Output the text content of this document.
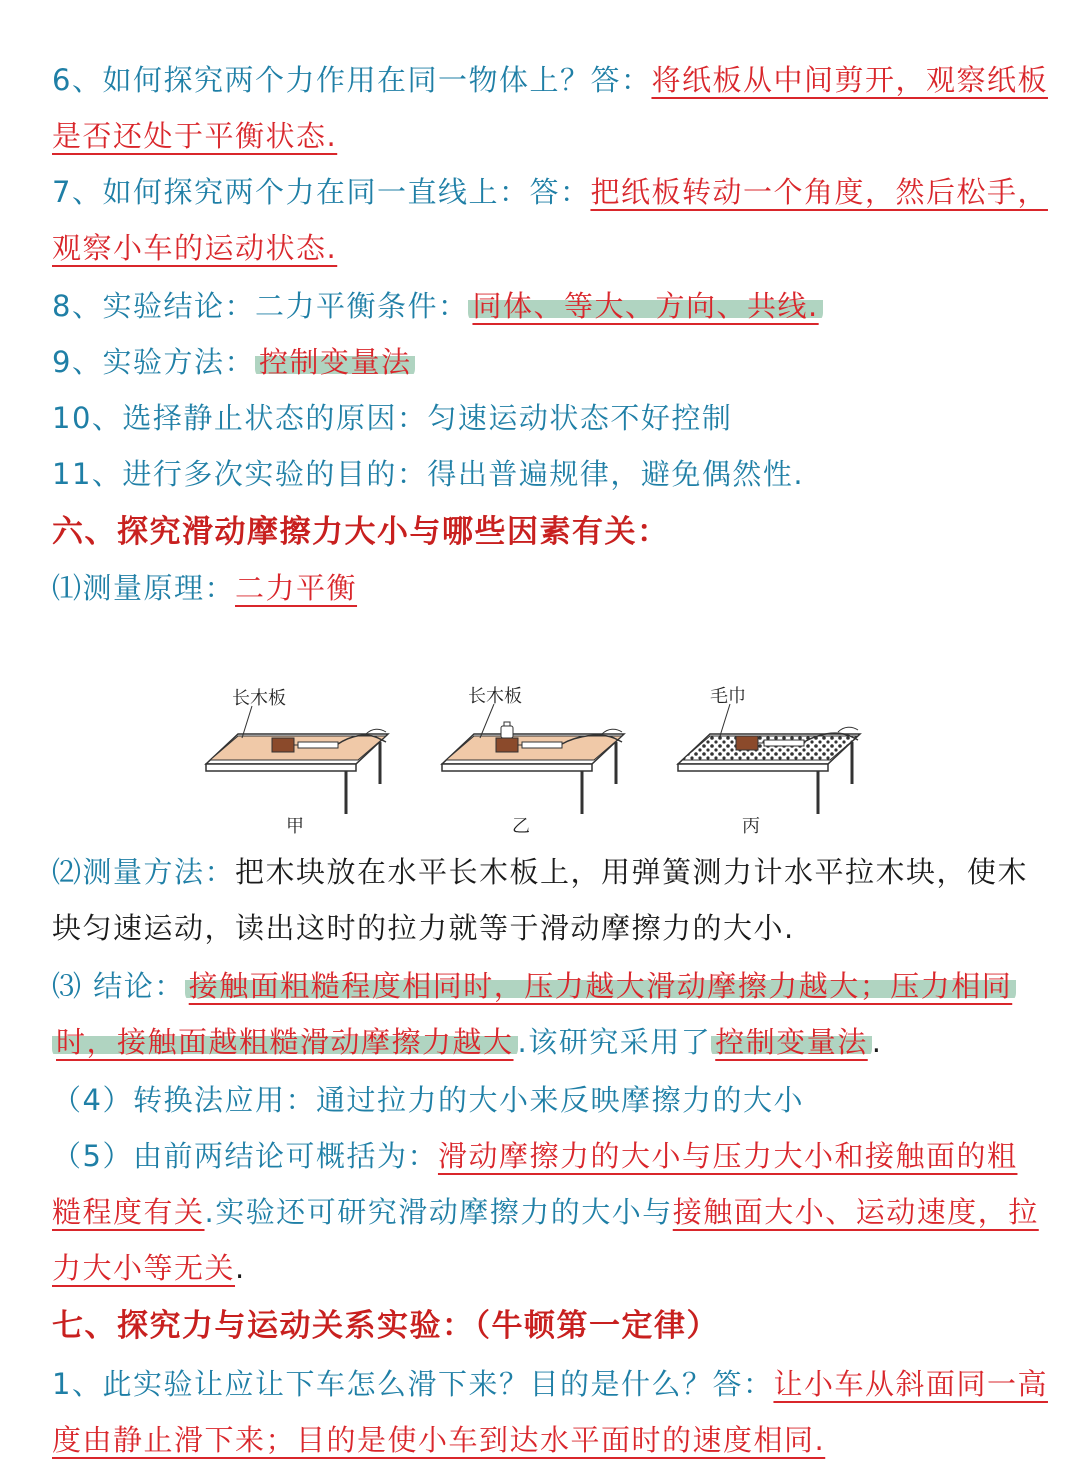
6、如何探究两个力作用在同一物体上？答：将纸板从中间剪开，观察纸板
是否还处于平衡状态.
7、如何探究两个力在同一直线上：答：把纸板转动一个角度，然后松手，
观察小车的运动状态.
8、实验结论：二力平衡条件： 同体、等大、方向、共线.
9、实验方法： 控制变量法
10、选择静止状态的原因：匀速运动状态不好控制
11、进行多次实验的目的：得出普遍规律，避免偶然性.
六、探究滑动摩擦力大小与哪些因素有关：
⑴测量原理：二力平衡
长木板
甲
长木板
乙
毛巾
丙
⑵测量方法：把木块放在水平长木板上，用弹簧测力计水平拉木块，使木
块匀速运动，读出这时的拉力就等于滑动摩擦力的大小.
⑶ 结论： 接触面粗糙程度相同时，压力越大滑动摩擦力越大；压力相同
时，接触面越粗糙滑动摩擦力越大 .该研究采用了 控制变量法 .
（4）转换法应用：通过拉力的大小来反映摩擦力的大小
（5）由前两结论可概括为：滑动摩擦力的大小与压力大小和接触面的粗
糙程度有关.实验还可研究滑动摩擦力的大小与接触面大小、运动速度，拉
力大小等无关.
七、探究力与运动关系实验：（牛顿第一定律）
1、此实验让应让下车怎么滑下来？目的是什么？答：让小车从斜面同一高
度由静止滑下来；目的是使小车到达水平面时的速度相同.
